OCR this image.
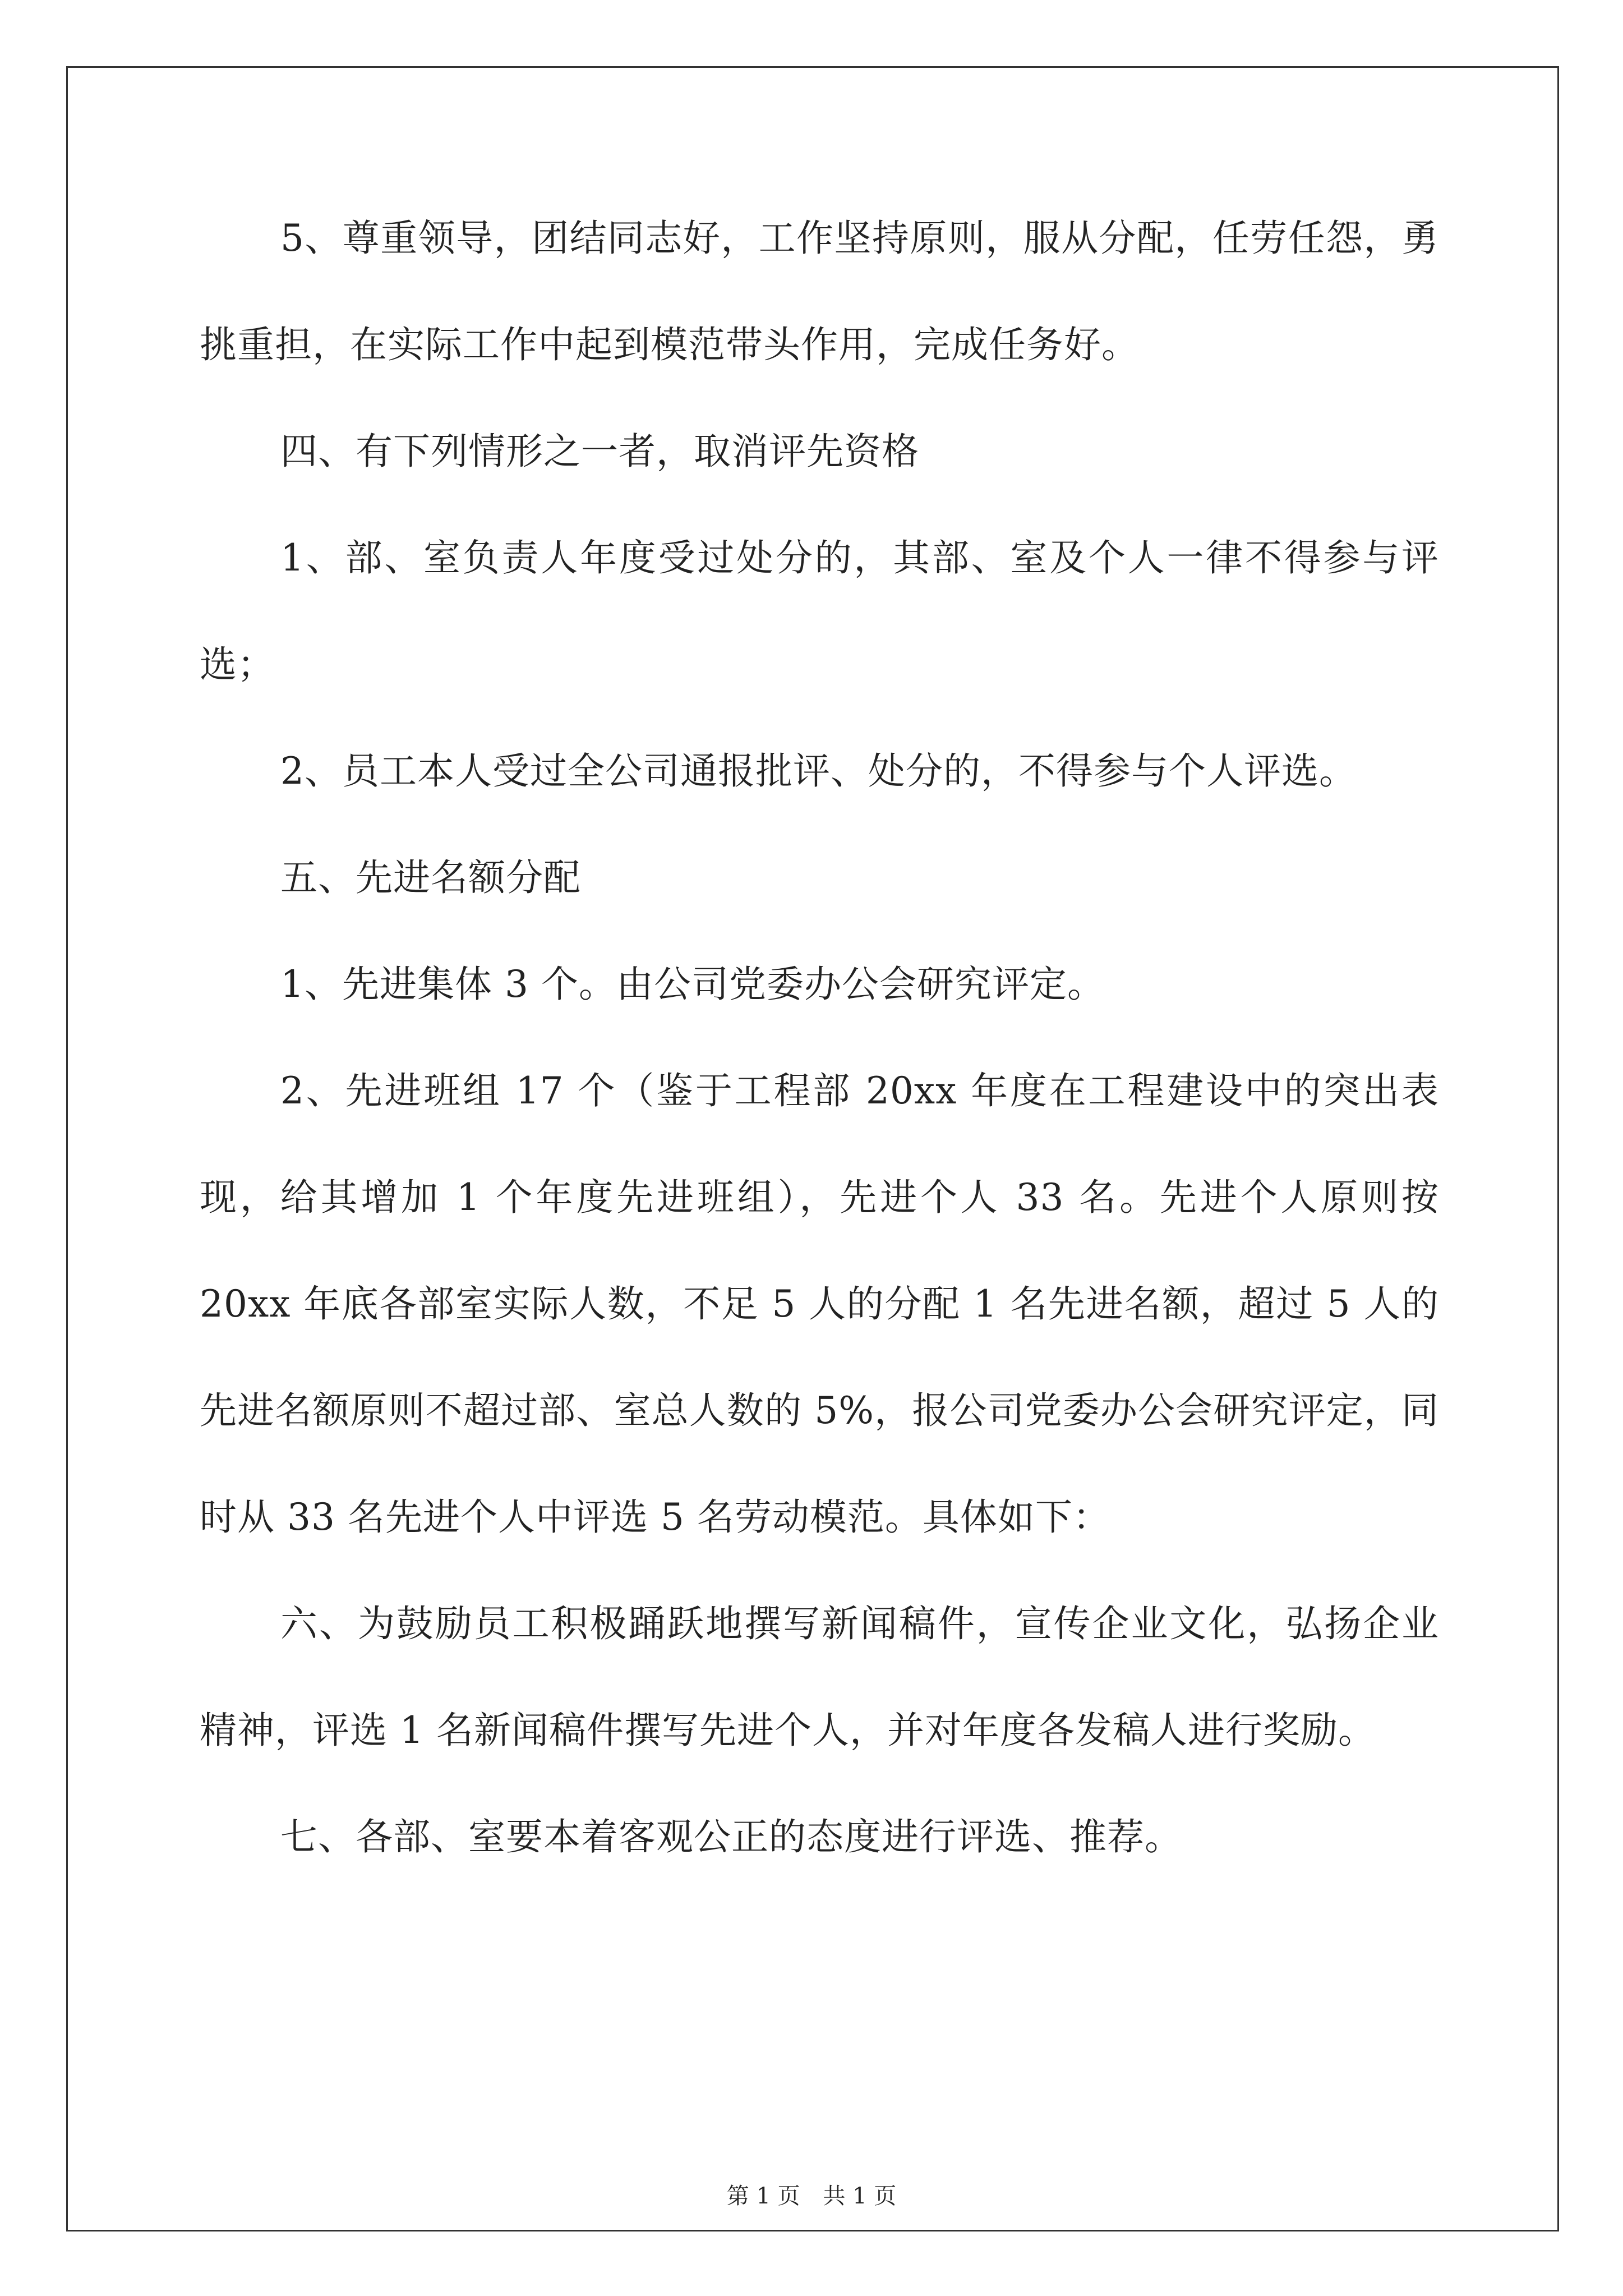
5、尊重领导，团结同志好，工作坚持原则，服从分配，任劳任怨，勇挑重担，在实际工作中起到模范带头作用，完成任务好。

四、有下列情形之一者，取消评先资格

1、部、室负责人年度受过处分的，其部、室及个人一律不得参与评选；

2、员工本人受过全公司通报批评、处分的，不得参与个人评选。

五、先进名额分配

1、先进集体 3 个。由公司党委办公会研究评定。

2、先进班组 17 个（鉴于工程部 20xx 年度在工程建设中的突出表现，给其增加 1 个年度先进班组），先进个人 33 名。先进个人原则按 20xx 年底各部室实际人数，不足 5 人的分配 1 名先进名额，超过 5 人的先进名额原则不超过部、室总人数的 5%，报公司党委办公会研究评定，同时从 33 名先进个人中评选 5 名劳动模范。具体如下：

六、为鼓励员工积极踊跃地撰写新闻稿件，宣传企业文化，弘扬企业精神，评选 1 名新闻稿件撰写先进个人，并对年度各发稿人进行奖励。

七、各部、室要本着客观公正的态度进行评选、推荐。

第 1 页 共 1 页
